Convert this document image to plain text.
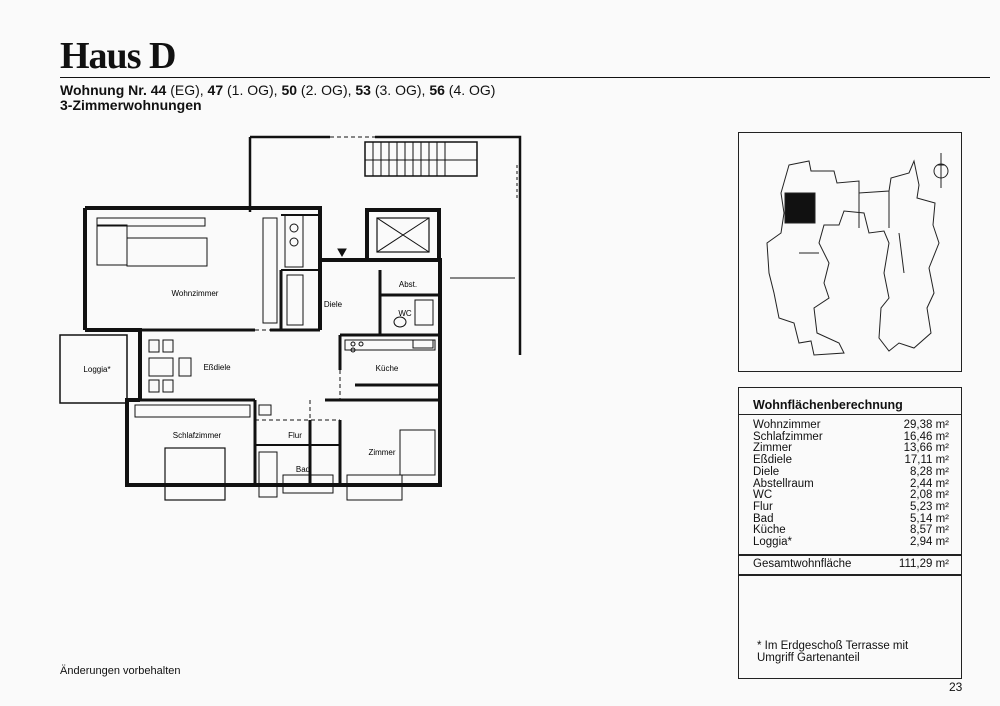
Haus D
Wohnung Nr. 44 (EG), 47 (1. OG), 50 (2. OG), 53 (3. OG), 56 (4. OG)
3-Zimmerwohnungen
Wohnzimmer
Diele
Abst.
WC
Loggia*	Eßdiele	Küche
Schlafzimmer	Flur
Bad
Zimmer
Wohnflächenberechnung
Wohnzimmer	29,38 m²
Schlafzimmer	16,46 m²
Zimmer	13,66 m²
Eßdiele	17,11 m²
Diele	8,28 m²
Abstellraum	2,44 m²
WC	2,08 m²
Flur	5,23 m²
Bad	5,14 m²
Küche	8,57 m²
Loggia*	2,94 m²
Gesamtwohnfläche	111,29 m²
* Im Erdgeschoß Terrasse mit
Umgriff Gartenanteil
Änderungen vorbehalten
23
